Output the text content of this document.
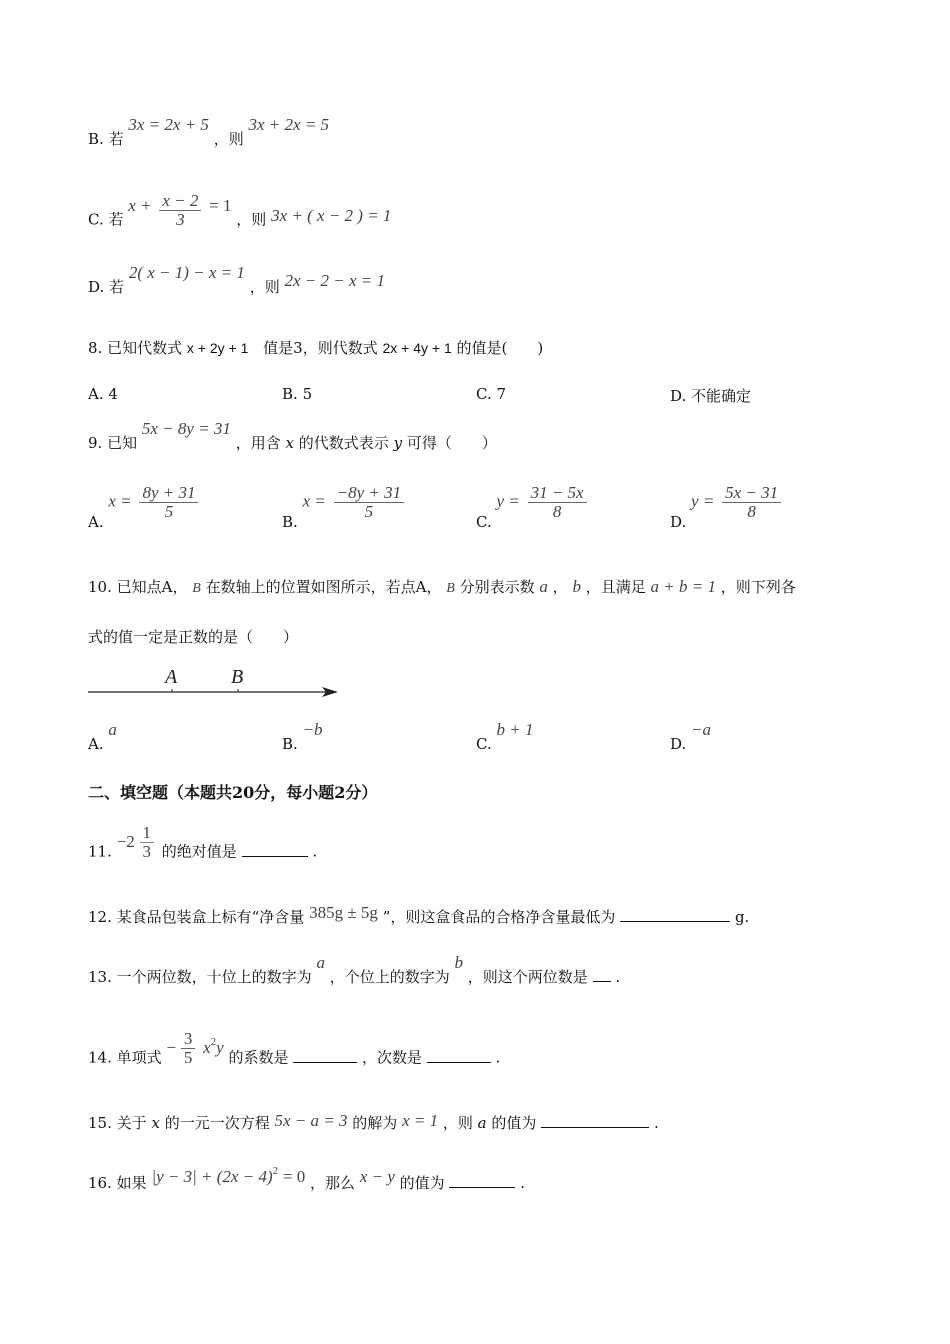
B. 若 3x = 2x + 5 ，则 3x + 2x = 5
C. 若 $x + \frac{x - 2}{3} = 1$ ，则 3x + ( x − 2 ) = 1
D. 若 2( x − 1) − x = 1 ，则 2x − 2 − x = 1
8. 已知代数式 x + 2y + 1 值是3，则代数式 2x + 4y + 1 的值是(　　)
A. 4	B. 5	C. 7	D. 不能确定
9. 已知 5x − 8y = 31 ，用含 x 的代数式表示 y 可得（　　）
A. $x = \frac{8y + 31}{5}$
B. $x = \frac{-8y + 31}{5}$
C. $y = \frac{31 - 5x}{8}$
D. $y = \frac{5x - 31}{8}$
10. 已知点A， B 在数轴上的位置如图所示，若点A， B 分别表示数 a ， b ，且满足 a + b = 1 ，则下列各
式的值一定是正数的是（　　）
A	B
A. a
B. −b
C. b + 1
D. −a
二、填空题（本题共20分，每小题2分）
11. $-2 \frac{1}{3}$ 的绝对值是	.
12. 某食品包装盒上标有“净含量 385g ± 5g ”，则这盒食品的合格净含量最低为	g.
13. 一个两位数，十位上的数字为 a ，个位上的数字为 b ，则这个两位数是 .
14. 单项式 − $\frac{3}{5} x^2y$ 的系数是	，次数是	.
15. 关于 x 的一元一次方程 5x − a = 3 的解为 x = 1 ，则 a 的值为	.
16. 如果 $|y - 3| + (2x - 4)^2 = 0$ ，那么 x − y 的值为	.
